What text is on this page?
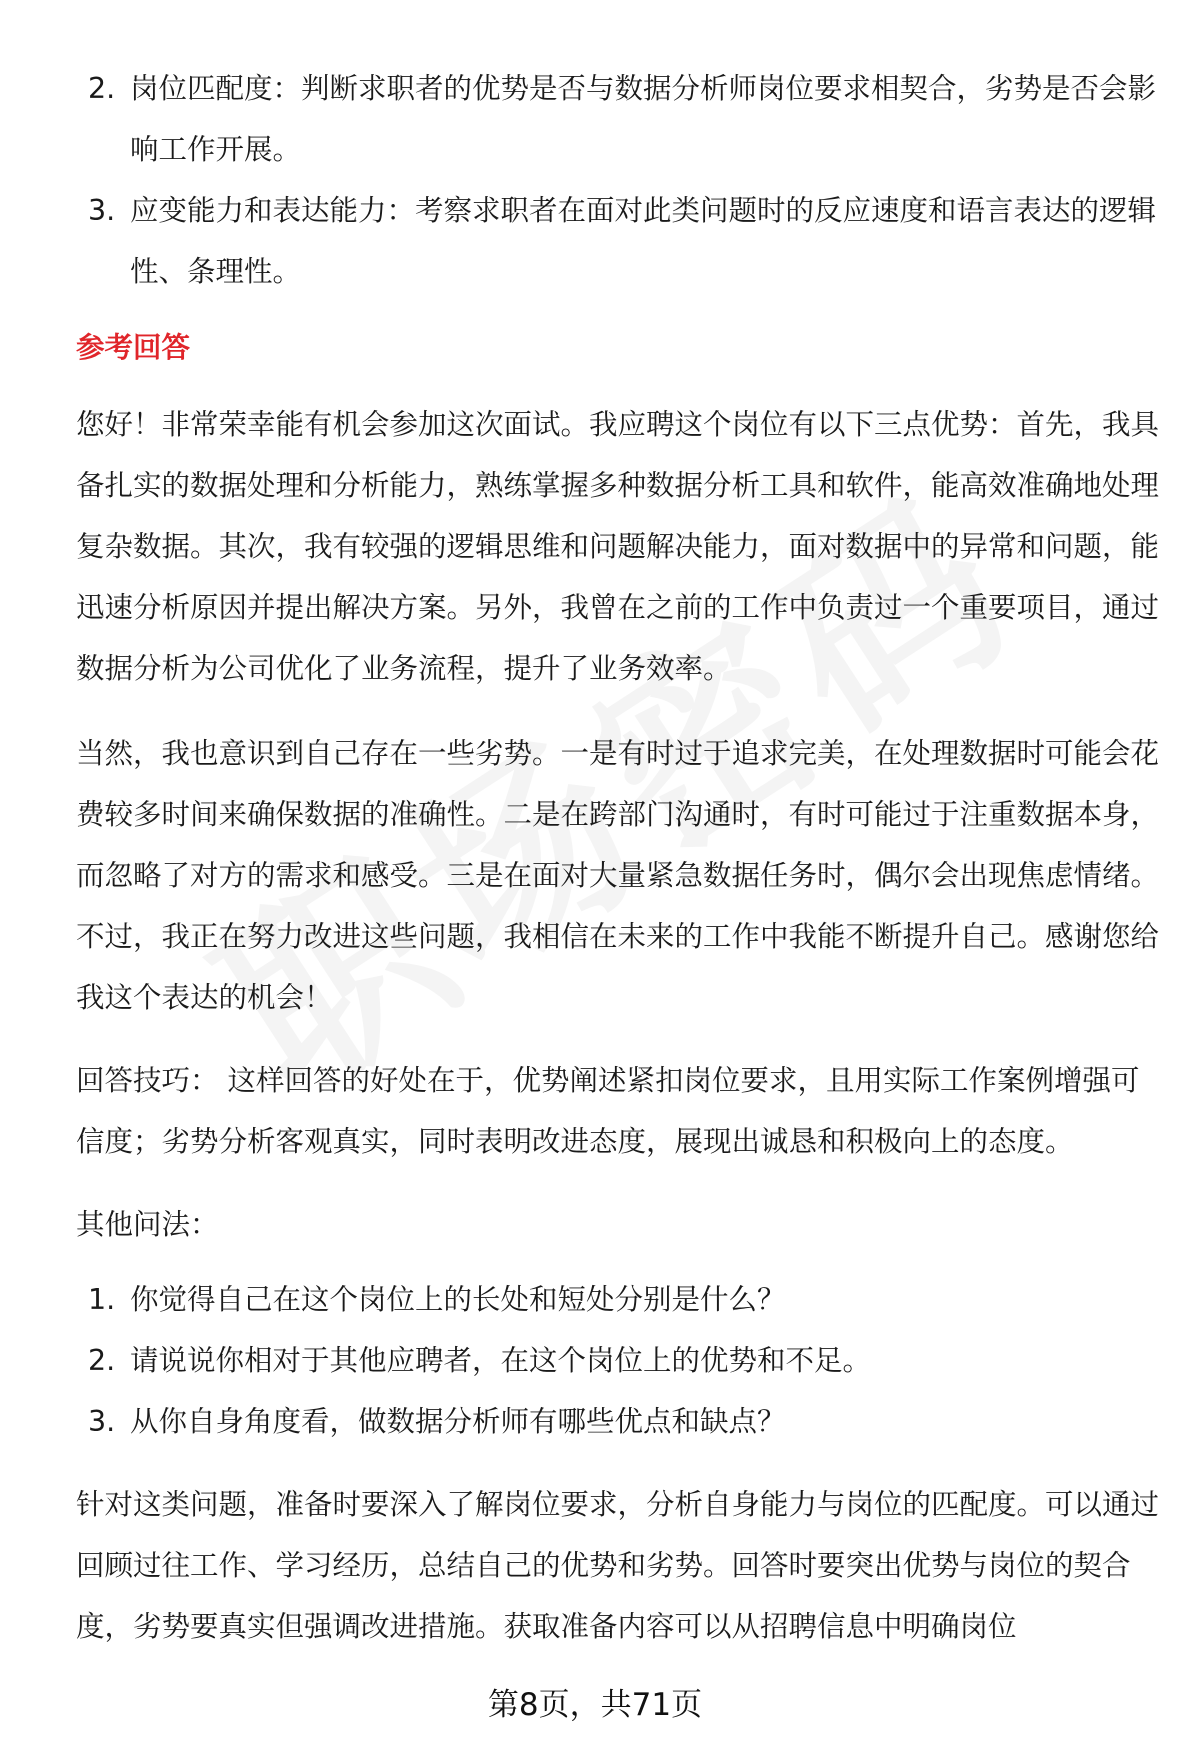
2. 岗位匹配度：判断求职者的优势是否与数据分析师岗位要求相契合，劣势是否会影响工作开展。
3. 应变能力和表达能力：考察求职者在面对此类问题时的反应速度和语言表达的逻辑性、条理性。
参考回答

您好！非常荣幸能有机会参加这次面试。我应聘这个岗位有以下三点优势：首先，我具备扎实的数据处理和分析能力，熟练掌握多种数据分析工具和软件，能高效准确地处理复杂数据。其次，我有较强的逻辑思维和问题解决能力，面对数据中的异常和问题，能迅速分析原因并提出解决方案。另外，我曾在之前的工作中负责过一个重要项目，通过数据分析为公司优化了业务流程，提升了业务效率。

当然，我也意识到自己存在一些劣势。一是有时过于追求完美，在处理数据时可能会花费较多时间来确保数据的准确性。二是在跨部门沟通时，有时可能过于注重数据本身，而忽略了对方的需求和感受。三是在面对大量紧急数据任务时，偶尔会出现焦虑情绪。不过，我正在努力改进这些问题，我相信在未来的工作中我能不断提升自己。感谢您给我这个表达的机会！

回答技巧： 这样回答的好处在于，优势阐述紧扣岗位要求，且用实际工作案例增强可信度；劣势分析客观真实，同时表明改进态度，展现出诚恳和积极向上的态度。

其他问法：

1. 你觉得自己在这个岗位上的长处和短处分别是什么？
2. 请说说你相对于其他应聘者，在这个岗位上的优势和不足。
3. 从你自身角度看，做数据分析师有哪些优点和缺点？

针对这类问题，准备时要深入了解岗位要求，分析自身能力与岗位的匹配度。可以通过回顾过往工作、学习经历，总结自己的优势和劣势。回答时要突出优势与岗位的契合度，劣势要真实但强调改进措施。获取准备内容可以从招聘信息中明确岗位

第8页，共71页
